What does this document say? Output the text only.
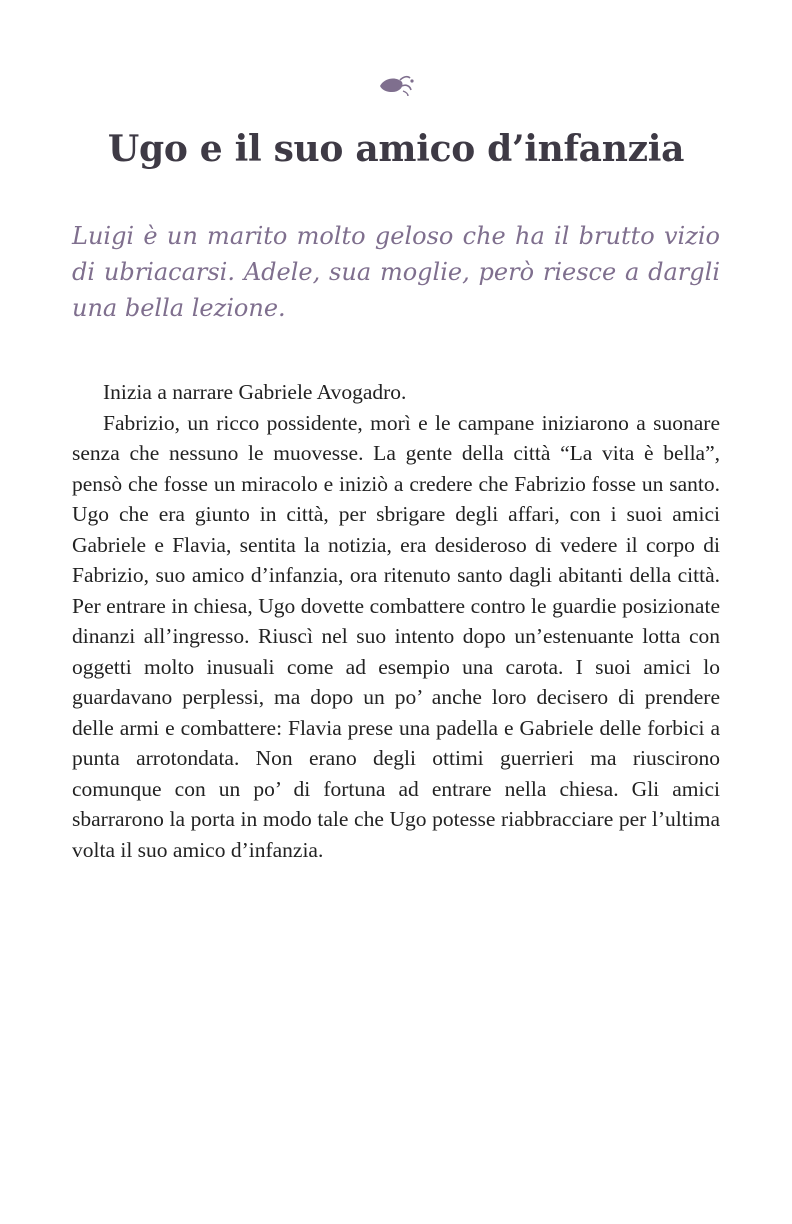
Ugo e il suo amico d’infanzia

Luigi è un marito molto geloso che ha il brutto vizio di ubriacarsi. Adele, sua moglie, però riesce a dargli una bella lezione.

Inizia a narrare Gabriele Avogadro.

Fabrizio, un ricco possidente, morì e le campane iniziarono a suonare senza che nessuno le muovesse. La gente della città “La vita è bella”, pensò che fosse un miracolo e iniziò a credere che Fabrizio fosse un santo. Ugo che era giunto in città, per sbrigare degli affari, con i suoi amici Gabriele e Flavia, sentita la notizia, era desideroso di vedere il corpo di Fabrizio, suo amico d’infanzia, ora ritenuto santo dagli abitanti della città. Per entrare in chiesa, Ugo dovette combattere contro le guardie posizionate dinanzi all’ingresso. Riuscì nel suo intento dopo un’estenuante lotta con oggetti molto inusuali come ad esempio una carota. I suoi amici lo guardavano perplessi, ma dopo un po’ anche loro decisero di prendere delle armi e combattere: Flavia prese una padella e Gabriele delle forbici a punta arrotondata. Non erano degli ottimi guerrieri ma riuscirono comunque con un po’ di fortuna ad entrare nella chiesa. Gli amici sbarrarono la porta in modo tale che Ugo potesse riabbracciare per l’ultima volta il suo amico d’infanzia.
